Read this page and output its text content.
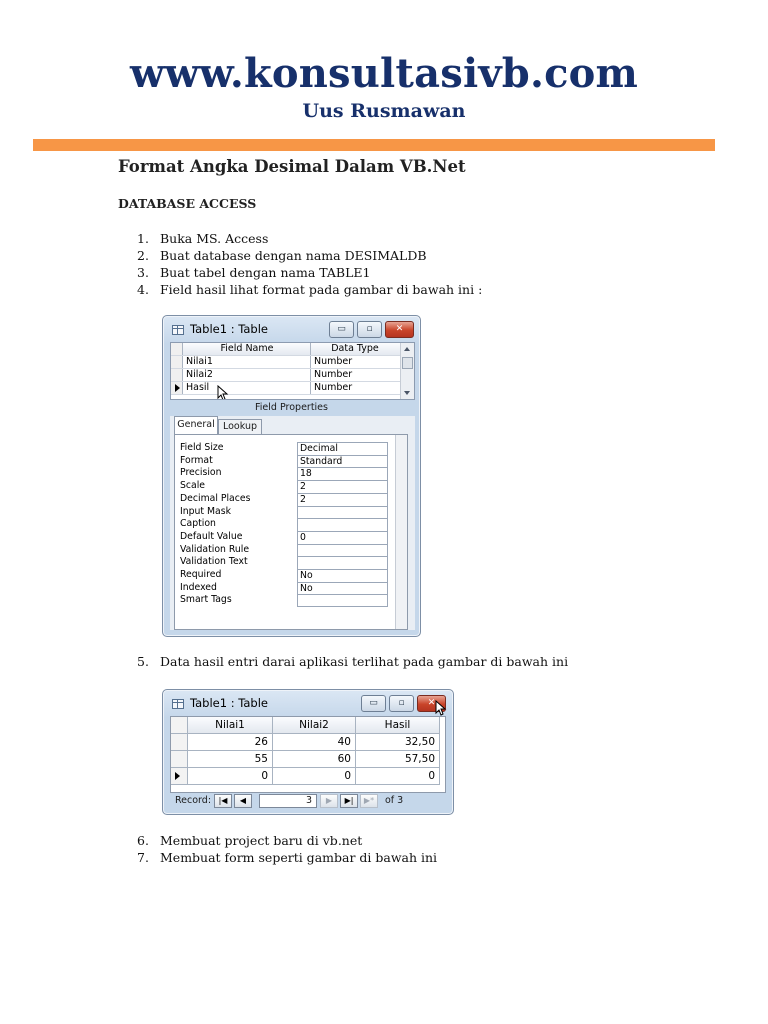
www.konsultasivb.com
Uus Rusmawan
Format Angka Desimal Dalam VB.Net
DATABASE ACCESS
1. Buka MS. Access
2. Buat database dengan nama DESIMALDB
3. Buat tabel dengan nama TABLE1
4. Field hasil lihat format pada gambar di bawah ini :
Table1 : Table	▭	▫	✕
Field Name	Data Type
Nilai1	Number
Nilai2	Number
Hasil	Number
Field Properties
General Lookup
Field Size	Decimal
Format	Standard
Precision	18
Scale	2
Decimal Places	2
Input Mask
Caption
Default Value	0
Validation Rule
Validation Text
Required	No
Indexed	No
Smart Tags
5. Data hasil entri darai aplikasi terlihat pada gambar di bawah ini
Table1 : Table	▭	▫	✕
Nilai1	Nilai2	Hasil
26	40	32,50
55	60	57,50
0	0	0
Record: |◀	◀	3	▶	▶|	▶*	of 3
6. Membuat project baru di vb.net
7. Membuat form seperti gambar di bawah ini
